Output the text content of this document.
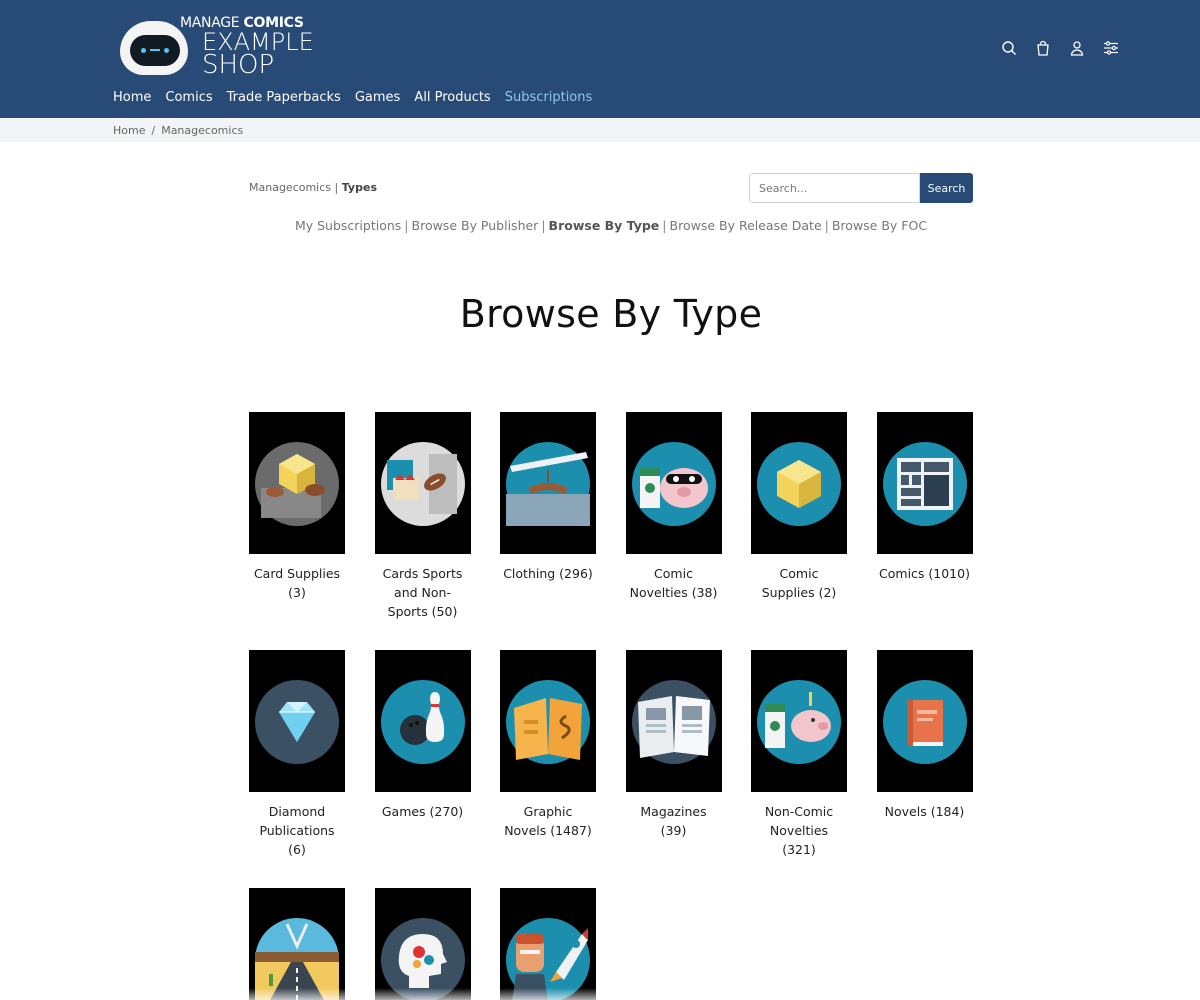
MANAGE COMICS
EXAMPLE
SHOP
Home Comics Trade Paperbacks Games All Products Subscriptions
Home / Managecomics
Managecomics | Types
Search...	Search
My Subscriptions | Browse By Publisher | Browse By Type | Browse By Release Date | Browse By FOC
Browse By Type
Card Supplies (3)
Cards Sports and Non-Sports (50)
Clothing (296)	Comic Novelties (38)
Comic Supplies (2)
Comics (1010)
Diamond Publications (6)
Games (270)	Graphic Novels (1487)
Magazines (39)
Non-Comic Novelties (321)
Novels (184)
